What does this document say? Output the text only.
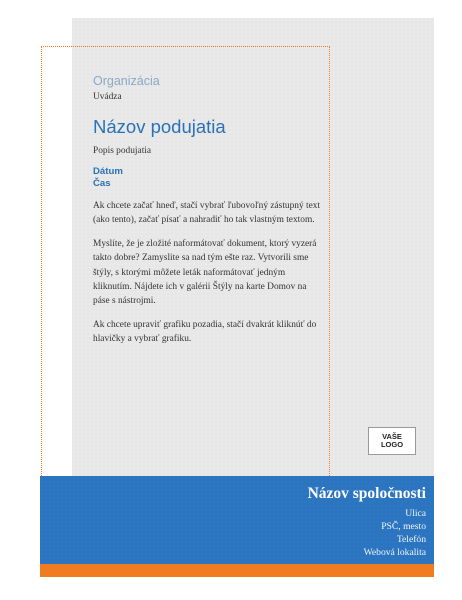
Organizácia

Uvádza

Názov podujatia

Popis podujatia

Dátum

Čas

Ak chcete začať hneď, stačí vybrať ľubovoľný zástupný text (ako tento), začať písať a nahradiť ho tak vlastným textom.

Myslíte, že je zložité naformátovať dokument, ktorý vyzerá takto dobre? Zamyslite sa nad tým ešte raz. Vytvorili sme štýly, s ktorými môžete leták naformátovať jedným kliknutím. Nájdete ich v galérii Štýly na karte Domov na páse s nástrojmi.

Ak chcete upraviť grafiku pozadia, stačí dvakrát kliknúť do hlavičky a vybrať grafiku.

VAŠE
LOGO

Názov spoločnosti

Ulica

PSČ, mesto

Telefón

Webová lokalita
